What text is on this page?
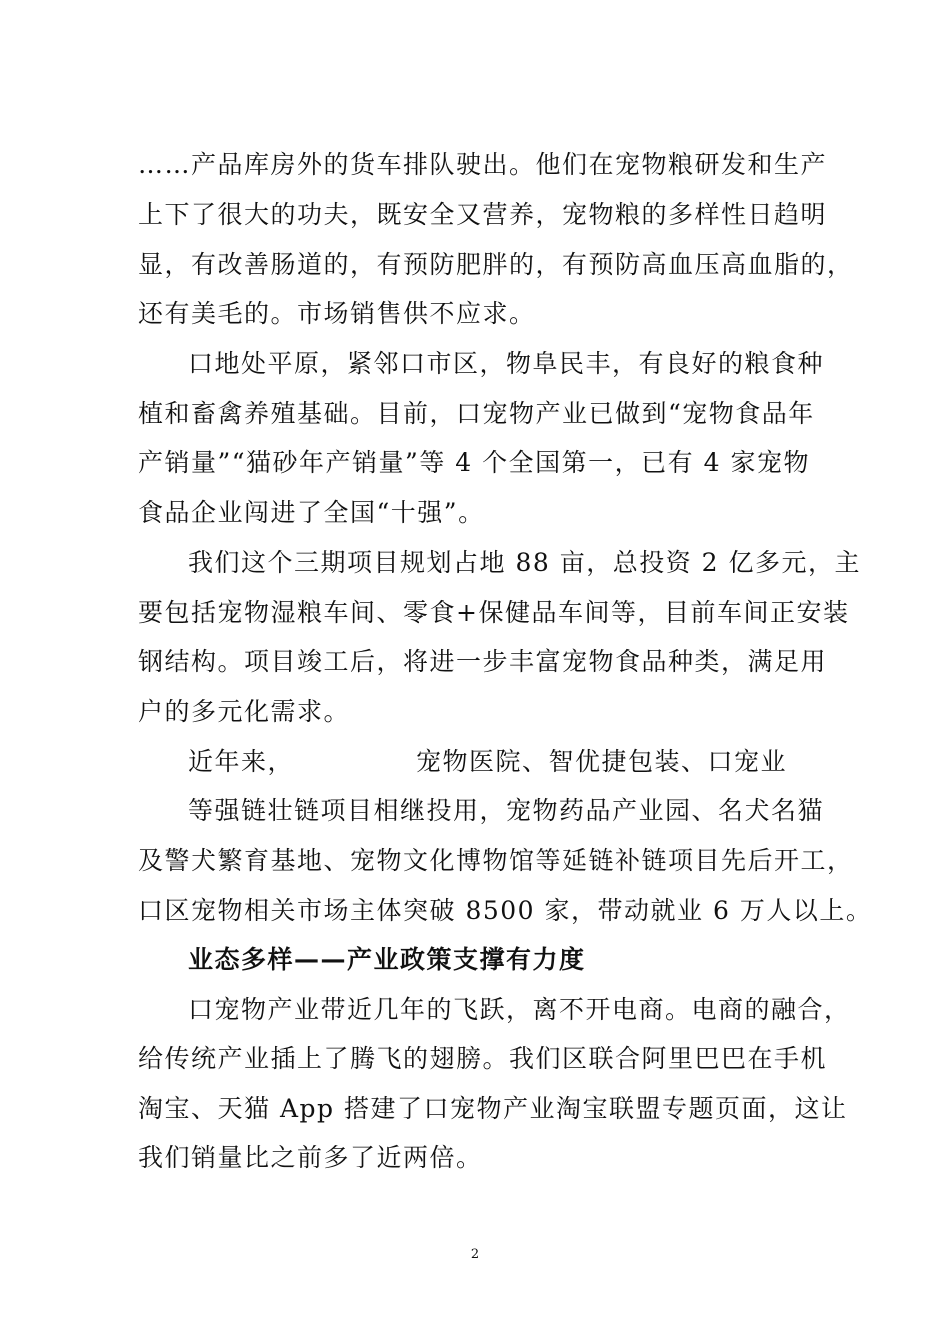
……产品库房外的货车排队驶出。他们在宠物粮研发和生产
上下了很大的功夫，既安全又营养，宠物粮的多样性日趋明
显，有改善肠道的，有预防肥胖的，有预防高血压高血脂的，
还有美毛的。市场销售供不应求。
口地处平原，紧邻口市区，物阜民丰，有良好的粮食种
植和畜禽养殖基础。目前，口宠物产业已做到“宠物食品年
产销量”“猫砂年产销量”等 4 个全国第一，已有 4 家宠物
食品企业闯进了全国“十强”。
我们这个三期项目规划占地 88 亩，总投资 2 亿多元，主
要包括宠物湿粮车间、零食+保健品车间等，目前车间正安装
钢结构。项目竣工后，将进一步丰富宠物食品种类，满足用
户的多元化需求。
近年来，	宠物医院、智优捷包装、口宠业
等强链壮链项目相继投用，宠物药品产业园、名犬名猫
及警犬繁育基地、宠物文化博物馆等延链补链项目先后开工，
口区宠物相关市场主体突破 8500 家，带动就业 6 万人以上。
业态多样——产业政策支撑有力度
口宠物产业带近几年的飞跃，离不开电商。电商的融合，
给传统产业插上了腾飞的翅膀。我们区联合阿里巴巴在手机
淘宝、天猫 App 搭建了口宠物产业淘宝联盟专题页面，这让
我们销量比之前多了近两倍。
2
